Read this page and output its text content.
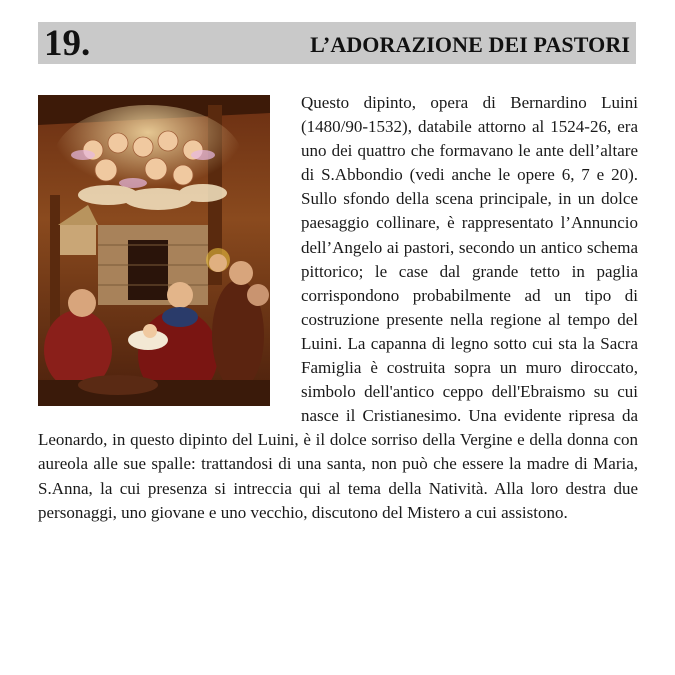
19.	L’ADORAZIONE DEI PASTORI
Questo dipinto, opera di Bernardino Luini (1480/90-1532), databile attorno al 1524-26, era uno dei quattro che formavano le ante dell’altare di S.Abbondio (vedi anche le opere 6, 7 e 20). Sullo sfondo della scena principale, in un dolce paesaggio collinare, è rappresentato l’Annuncio dell’Angelo ai pastori, secondo un antico schema pittorico; le case dal grande tetto in paglia corrispondono probabilmente ad un tipo di costruzione presente nella regione al tempo del Luini. La capanna di legno sotto cui sta la Sacra Famiglia è costruita sopra un muro diroccato, simbolo dell'antico ceppo dell'Ebraismo su cui nasce il Cristianesimo. Una evidente ripresa da Leonardo, in questo dipinto del Luini, è il dolce sorriso della Vergine e della donna con aureola alle sue spalle: trattandosi di una santa, non può che essere la madre di Maria, S.Anna, la cui presenza si intreccia qui al tema della Natività. Alla loro destra due personaggi, uno giovane e uno vecchio, discutono del Mistero a cui assistono.
